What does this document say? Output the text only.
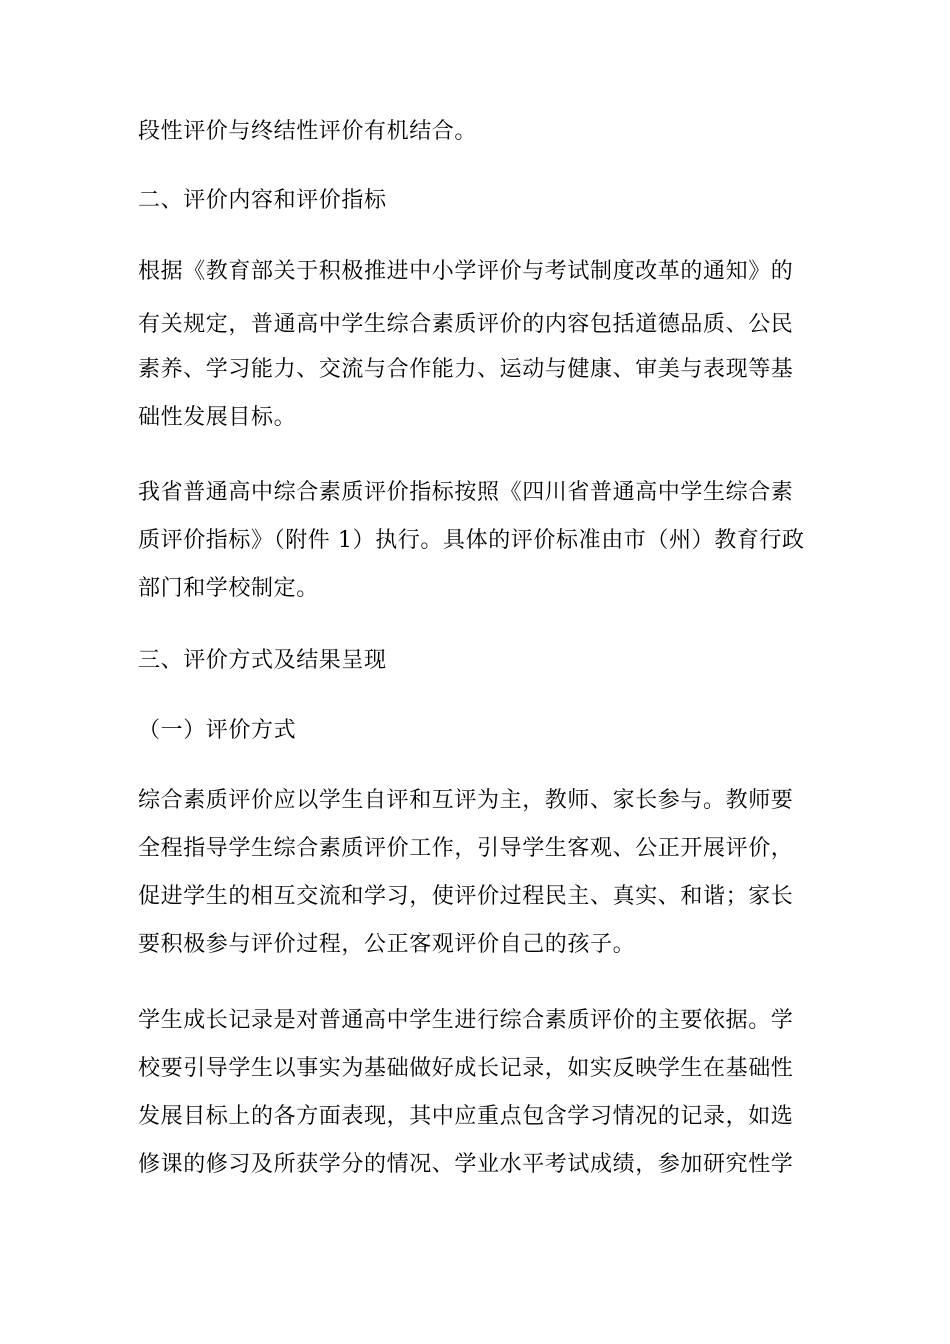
段性评价与终结性评价有机结合。
二、评价内容和评价指标
根据《教育部关于积极推进中小学评价与考试制度改革的通知》的
有关规定，普通高中学生综合素质评价的内容包括道德品质、公民
素养、学习能力、交流与合作能力、运动与健康、审美与表现等基
础性发展目标。
我省普通高中综合素质评价指标按照《四川省普通高中学生综合素
质评价指标》（附件 1）执行。具体的评价标准由市（州）教育行政
部门和学校制定。
三、评价方式及结果呈现
（一）评价方式
综合素质评价应以学生自评和互评为主，教师、家长参与。教师要
全程指导学生综合素质评价工作，引导学生客观、公正开展评价，
促进学生的相互交流和学习，使评价过程民主、真实、和谐；家长
要积极参与评价过程，公正客观评价自己的孩子。
学生成长记录是对普通高中学生进行综合素质评价的主要依据。学
校要引导学生以事实为基础做好成长记录，如实反映学生在基础性
发展目标上的各方面表现，其中应重点包含学习情况的记录，如选
修课的修习及所获学分的情况、学业水平考试成绩，参加研究性学
